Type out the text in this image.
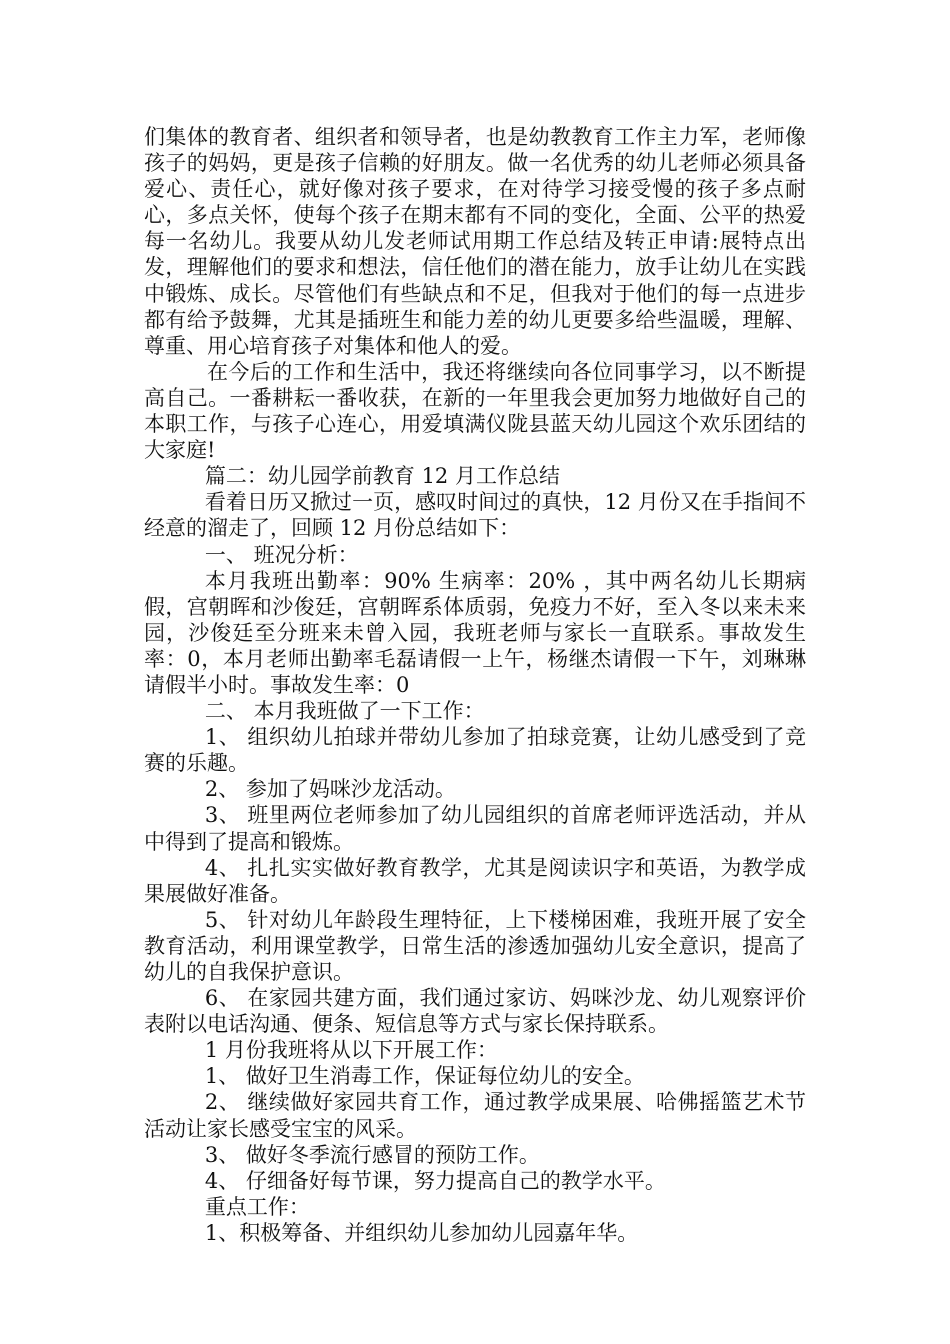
们集体的教育者、组织者和领导者，也是幼教教育工作主力军，老师像孩子的妈妈，更是孩子信赖的好朋友。做一名优秀的幼儿老师必须具备爱心、责任心，就好像对孩子要求，在对待学习接受慢的孩子多点耐心，多点关怀，使每个孩子在期末都有不同的变化，全面、公平的热爱每一名幼儿。我要从幼儿发老师试用期工作总结及转正申请:展特点出发，理解他们的要求和想法，信任他们的潜在能力，放手让幼儿在实践中锻炼、成长。尽管他们有些缺点和不足，但我对于他们的每一点进步都有给予鼓舞，尤其是插班生和能力差的幼儿更要多给些温暖，理解、尊重、用心培育孩子对集体和他人的爱。

在今后的工作和生活中，我还将继续向各位同事学习，以不断提高自己。一番耕耘一番收获，在新的一年里我会更加努力地做好自己的本职工作，与孩子心连心，用爱填满仪陇县蓝天幼儿园这个欢乐团结的大家庭!

篇二：幼儿园学前教育 12 月工作总结

看着日历又掀过一页，感叹时间过的真快，12 月份又在手指间不经意的溜走了，回顾 12 月份总结如下：

一、 班况分析：

本月我班出勤率：90% 生病率：20% ，其中两名幼儿长期病假，宫朝晖和沙俊廷，宫朝晖系体质弱，免疫力不好，至入冬以来未来园，沙俊廷至分班来未曾入园，我班老师与家长一直联系。事故发生率：0，本月老师出勤率毛磊请假一上午，杨继杰请假一下午，刘琳琳请假半小时。事故发生率：0

二、 本月我班做了一下工作：

1、 组织幼儿拍球并带幼儿参加了拍球竞赛，让幼儿感受到了竞赛的乐趣。

2、 参加了妈咪沙龙活动。

3、 班里两位老师参加了幼儿园组织的首席老师评选活动，并从中得到了提高和锻炼。

4、 扎扎实实做好教育教学，尤其是阅读识字和英语，为教学成果展做好准备。

5、 针对幼儿年龄段生理特征，上下楼梯困难，我班开展了安全教育活动，利用课堂教学，日常生活的渗透加强幼儿安全意识，提高了幼儿的自我保护意识。

6、 在家园共建方面，我们通过家访、妈咪沙龙、幼儿观察评价表附以电话沟通、便条、短信息等方式与家长保持联系。

1 月份我班将从以下开展工作：

1、 做好卫生消毒工作，保证每位幼儿的安全。

2、 继续做好家园共育工作，通过教学成果展、哈佛摇篮艺术节活动让家长感受宝宝的风采。

3、 做好冬季流行感冒的预防工作。

4、 仔细备好每节课，努力提高自己的教学水平。

重点工作：

1、积极筹备、并组织幼儿参加幼儿园嘉年华。
